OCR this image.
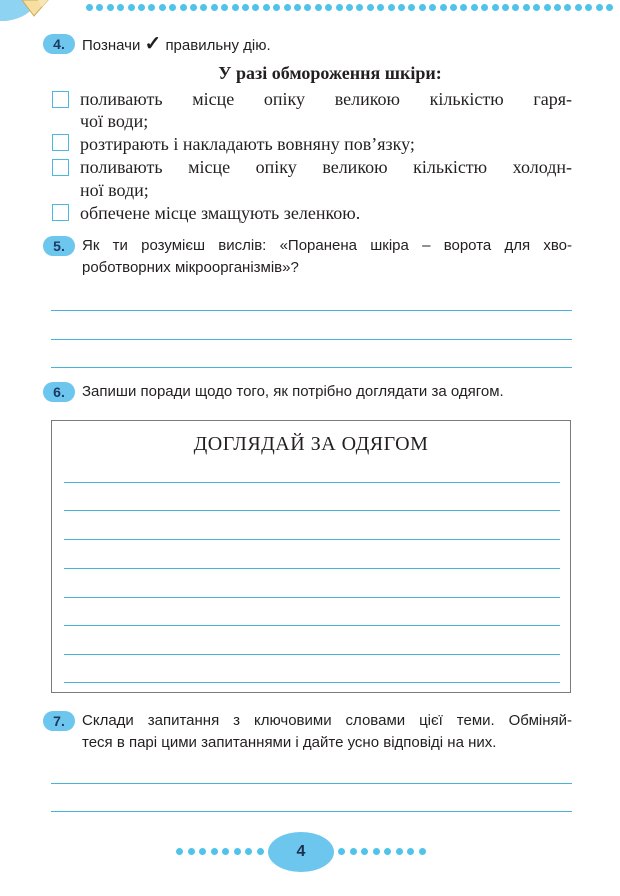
4.	Позначи ✓ правильну дію.
У разі обмороження шкіри:
поливають місце опіку великою кількістю гаря-
чої води;
розтирають і накладають вовняну пов’язку;
поливають місце опіку великою кількістю холодн-
ної води;
обпечене місце змащують зеленкою.
5.	Як ти розумієш вислів: «Поранена шкіра – ворота для хво-
роботворних мікроорганізмів»?
6.	Запиши поради щодо того, як потрібно доглядати за одягом.
ДОГЛЯДАЙ ЗА ОДЯГОМ
7.	Склади запитання з ключовими словами цієї теми. Обміняй-
теся в парі цими запитаннями і дайте усно відповіді на них.
4
